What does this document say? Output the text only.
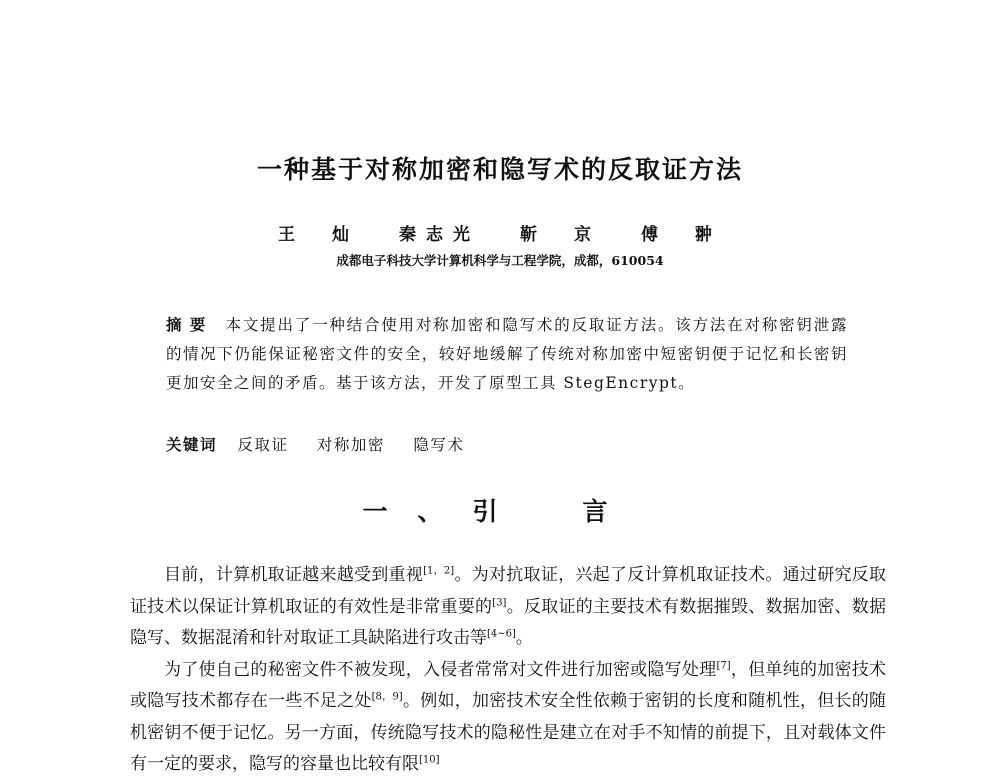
一种基于对称加密和隐写术的反取证方法
王　灿 秦志光 靳　京 傅　翀
成都电子科技大学计算机科学与工程学院，成都，610054
摘要 本文提出了一种结合使用对称加密和隐写术的反取证方法。该方法在对称密钥泄露的情况下仍能保证秘密文件的安全，较好地缓解了传统对称加密中短密钥便于记忆和长密钥更加安全之间的矛盾。基于该方法，开发了原型工具 StegEncrypt。
关键词 反取证 对称加密 隐写术
一、引　言

目前，计算机取证越来越受到重视[1，2]。为对抗取证，兴起了反计算机取证技术。通过研究反取证技术以保证计算机取证的有效性是非常重要的[3]。反取证的主要技术有数据摧毁、数据加密、数据隐写、数据混淆和针对取证工具缺陷进行攻击等[4~6]。

为了使自己的秘密文件不被发现，入侵者常常对文件进行加密或隐写处理[7]，但单纯的加密技术或隐写技术都存在一些不足之处[8，9]。例如，加密技术安全性依赖于密钥的长度和随机性，但长的随机密钥不便于记忆。另一方面，传统隐写技术的隐秘性是建立在对手不知情的前提下，且对载体文件有一定的要求，隐写的容量也比较有限[10]
